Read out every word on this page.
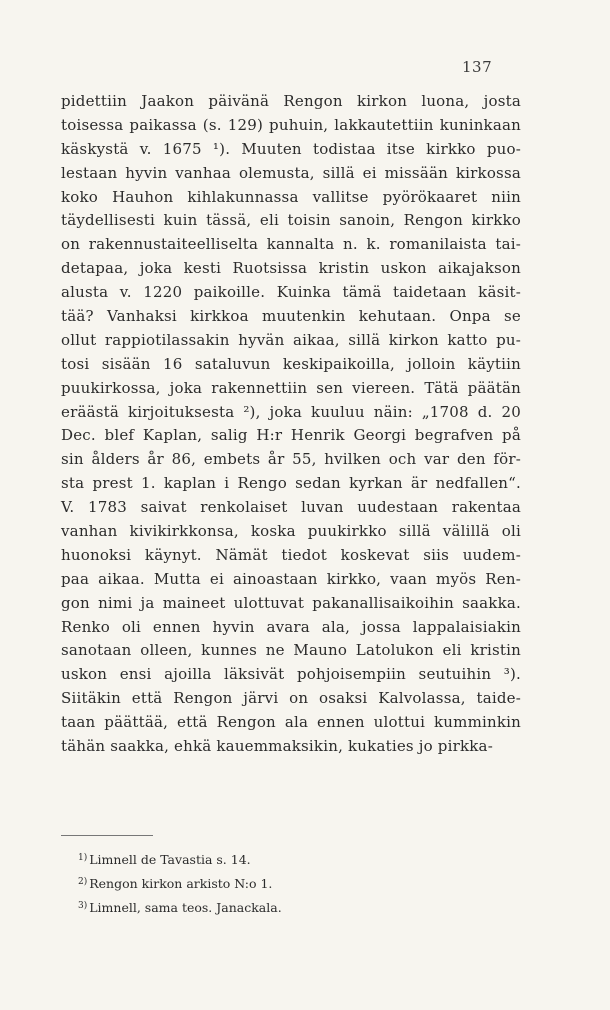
137
pidettiin Jaakon päivänä Rengon kirkon luona, josta
toisessa paikassa (s. 129) puhuin, lakkautettiin kuninkaan
käskystä v. 1675 ¹). Muuten todistaa itse kirkko puo-
lestaan hyvin vanhaa olemusta, sillä ei missään kirkossa
koko Hauhon kihlakunnassa vallitse pyörökaaret niin
täydellisesti kuin tässä, eli toisin sanoin, Rengon kirkko
on rakennustaiteelliselta kannalta n. k. romanilaista tai-
detapaa, joka kesti Ruotsissa kristin uskon aikajakson
alusta v. 1220 paikoille. Kuinka tämä taidetaan käsit-
tää? Vanhaksi kirkkoa muutenkin kehutaan. Onpa se
ollut rappiotilassakin hyvän aikaa, sillä kirkon katto pu-
tosi sisään 16 sataluvun keskipaikoilla, jolloin käytiin
puukirkossa, joka rakennettiin sen viereen. Tätä päätän
eräästä kirjoituksesta ²), joka kuuluu näin: „1708 d. 20
Dec. blef Kaplan, salig H:r Henrik Georgi begrafven på
sin ålders år 86, embets år 55, hvilken och var den för-
sta prest 1. kaplan i Rengo sedan kyrkan är nedfallen“.
V. 1783 saivat renkolaiset luvan uudestaan rakentaa
vanhan kivikirkkonsa, koska puukirkko sillä välillä oli
huonoksi käynyt. Nämät tiedot koskevat siis uudem-
paa aikaa. Mutta ei ainoastaan kirkko, vaan myös Ren-
gon nimi ja maineet ulottuvat pakanallisaikoihin saakka.
Renko oli ennen hyvin avara ala, jossa lappalaisiakin
sanotaan olleen, kunnes ne Mauno Latolukon eli kristin
uskon ensi ajoilla läksivät pohjoisempiin seutuihin ³).
Siitäkin että Rengon järvi on osaksi Kalvolassa, taide-
taan päättää, että Rengon ala ennen ulottui kumminkin
tähän saakka, ehkä kauemmaksikin, kukaties jo pirkka-
$^{1)}$ Limnell de Tavastia s. 14.
$^{2)}$ Rengon kirkon arkisto N:o 1.
$^{3)}$ Limnell, sama teos. Janackala.
